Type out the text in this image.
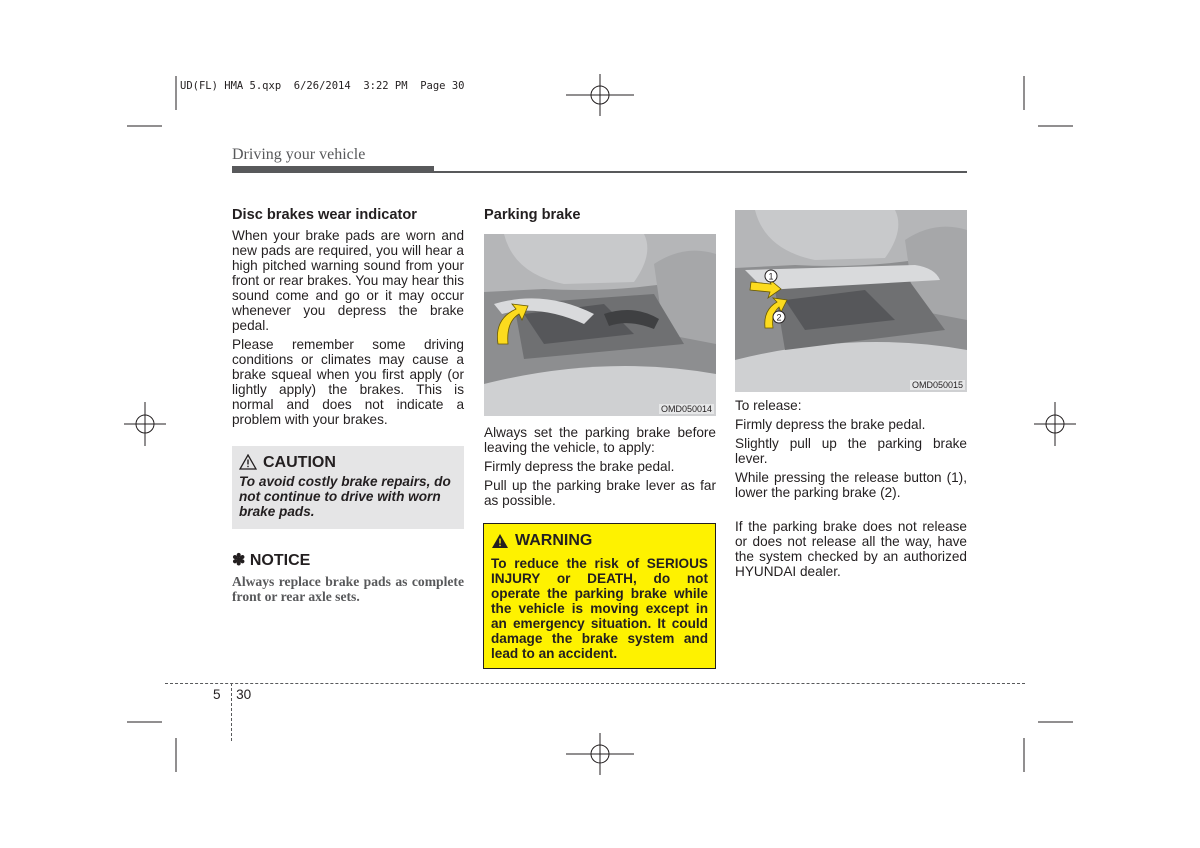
UD(FL) HMA 5.qxp  6/26/2014  3:22 PM  Page 30
Driving your vehicle
Disc brakes wear indicator

When your brake pads are worn and new pads are required, you will hear a high pitched warning sound from your front or rear brakes. You may hear this sound come and go or it may occur whenever you depress the brake pedal.

Please remember some driving conditions or climates may cause a brake squeal when you first apply (or lightly apply) the brakes. This is normal and does not indicate a problem with your brakes.

CAUTION
To avoid costly brake repairs, do not continue to drive with worn brake pads.
✽ NOTICE
Always replace brake pads as complete front or rear axle sets.
Parking brake
OMD050014

Always set the parking brake before leaving the vehicle, to apply:

Firmly depress the brake pedal.

Pull up the parking brake lever as far as possible.

WARNING
To reduce the risk of SERIOUS INJURY or DEATH, do not operate the parking brake while the vehicle is moving except in an emergency situation. It could damage the brake system and lead to an accident.
1
2
OMD050015

To release:

Firmly depress the brake pedal.

Slightly pull up the parking brake lever.

While pressing the release button (1), lower the parking brake (2).

If the parking brake does not release or does not release all the way, have the system checked by an authorized HYUNDAI dealer.

5 30
